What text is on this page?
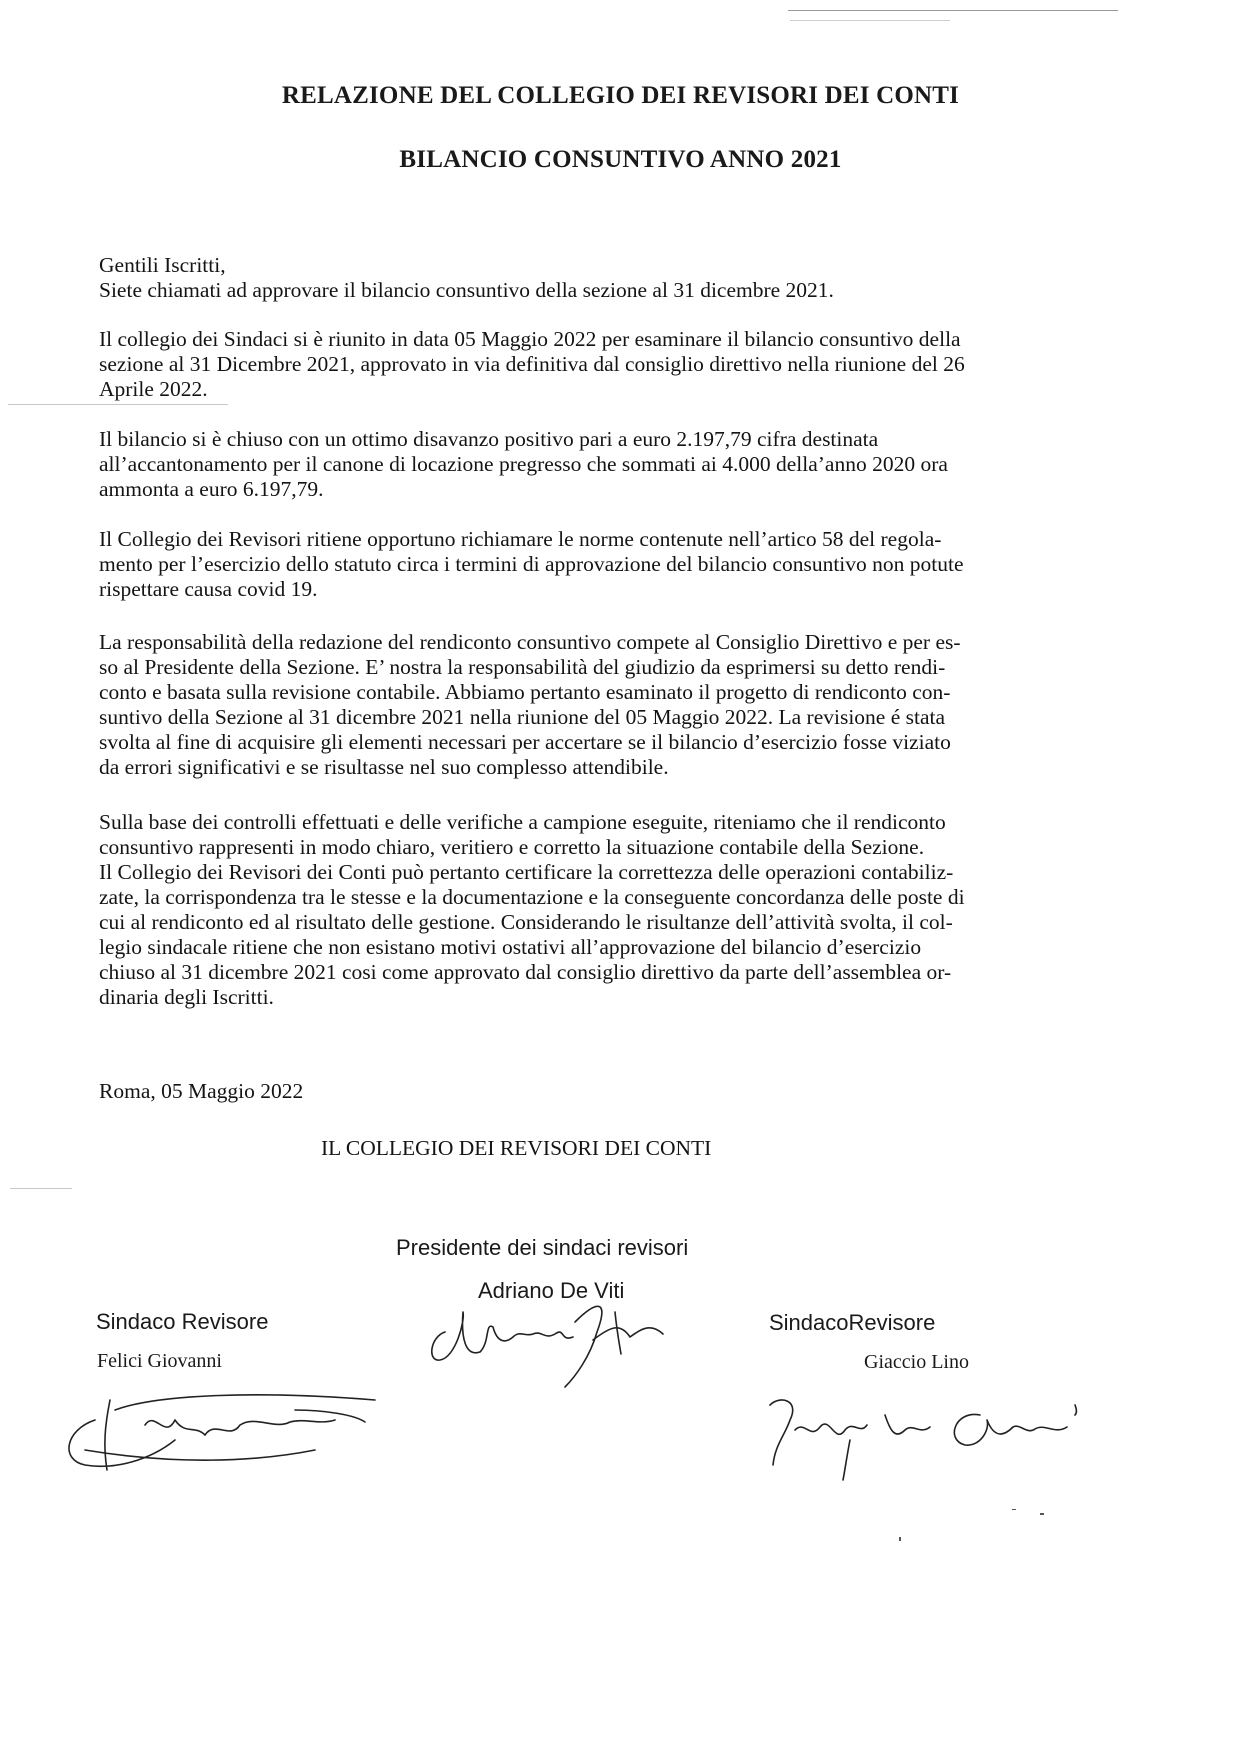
RELAZIONE DEL COLLEGIO DEI REVISORI DEI CONTI
BILANCIO CONSUNTIVO ANNO 2021
Gentili Iscritti,
Siete chiamati ad approvare il bilancio consuntivo della sezione al 31 dicembre 2021.
Il collegio dei Sindaci si è riunito in data 05 Maggio 2022 per esaminare il bilancio consuntivo della
sezione al 31 Dicembre 2021, approvato in via definitiva dal consiglio direttivo nella riunione del 26
Aprile 2022.
Il bilancio si è chiuso con un ottimo disavanzo positivo pari a euro 2.197,79 cifra destinata
all’accantonamento per il canone di locazione pregresso che sommati ai 4.000 della’anno 2020 ora
ammonta a euro 6.197,79.
Il Collegio dei Revisori ritiene opportuno richiamare le norme contenute nell’artico 58 del regola-
mento per l’esercizio dello statuto circa i termini di approvazione del bilancio consuntivo non potute
rispettare causa covid 19.
La responsabilità della redazione del rendiconto consuntivo compete al Consiglio Direttivo e per es-
so al Presidente della Sezione. E’ nostra la responsabilità del giudizio da esprimersi su detto rendi-
conto e basata sulla revisione contabile. Abbiamo pertanto esaminato il progetto di rendiconto con-
suntivo della Sezione al 31 dicembre 2021 nella riunione del 05 Maggio 2022. La revisione é stata
svolta al fine di acquisire gli elementi necessari per accertare se il bilancio d’esercizio fosse viziato
da errori significativi e se risultasse nel suo complesso attendibile.
Sulla base dei controlli effettuati e delle verifiche a campione eseguite, riteniamo che il rendiconto
consuntivo rappresenti in modo chiaro, veritiero e corretto la situazione contabile della Sezione.
Il Collegio dei Revisori dei Conti può pertanto certificare la correttezza delle operazioni contabiliz-
zate, la corrispondenza tra le stesse e la documentazione e la conseguente concordanza delle poste di
cui al rendiconto ed al risultato delle gestione. Considerando le risultanze dell’attività svolta, il col-
legio sindacale ritiene che non esistano motivi ostativi all’approvazione del bilancio d’esercizio
chiuso al 31 dicembre 2021 cosi come approvato dal consiglio direttivo da parte dell’assemblea or-
dinaria degli Iscritti.
Roma, 05 Maggio 2022
IL COLLEGIO DEI REVISORI DEI CONTI
Presidente dei sindaci revisori
Adriano De Viti
Sindaco Revisore
Felici Giovanni
SindacoRevisore
Giaccio Lino
